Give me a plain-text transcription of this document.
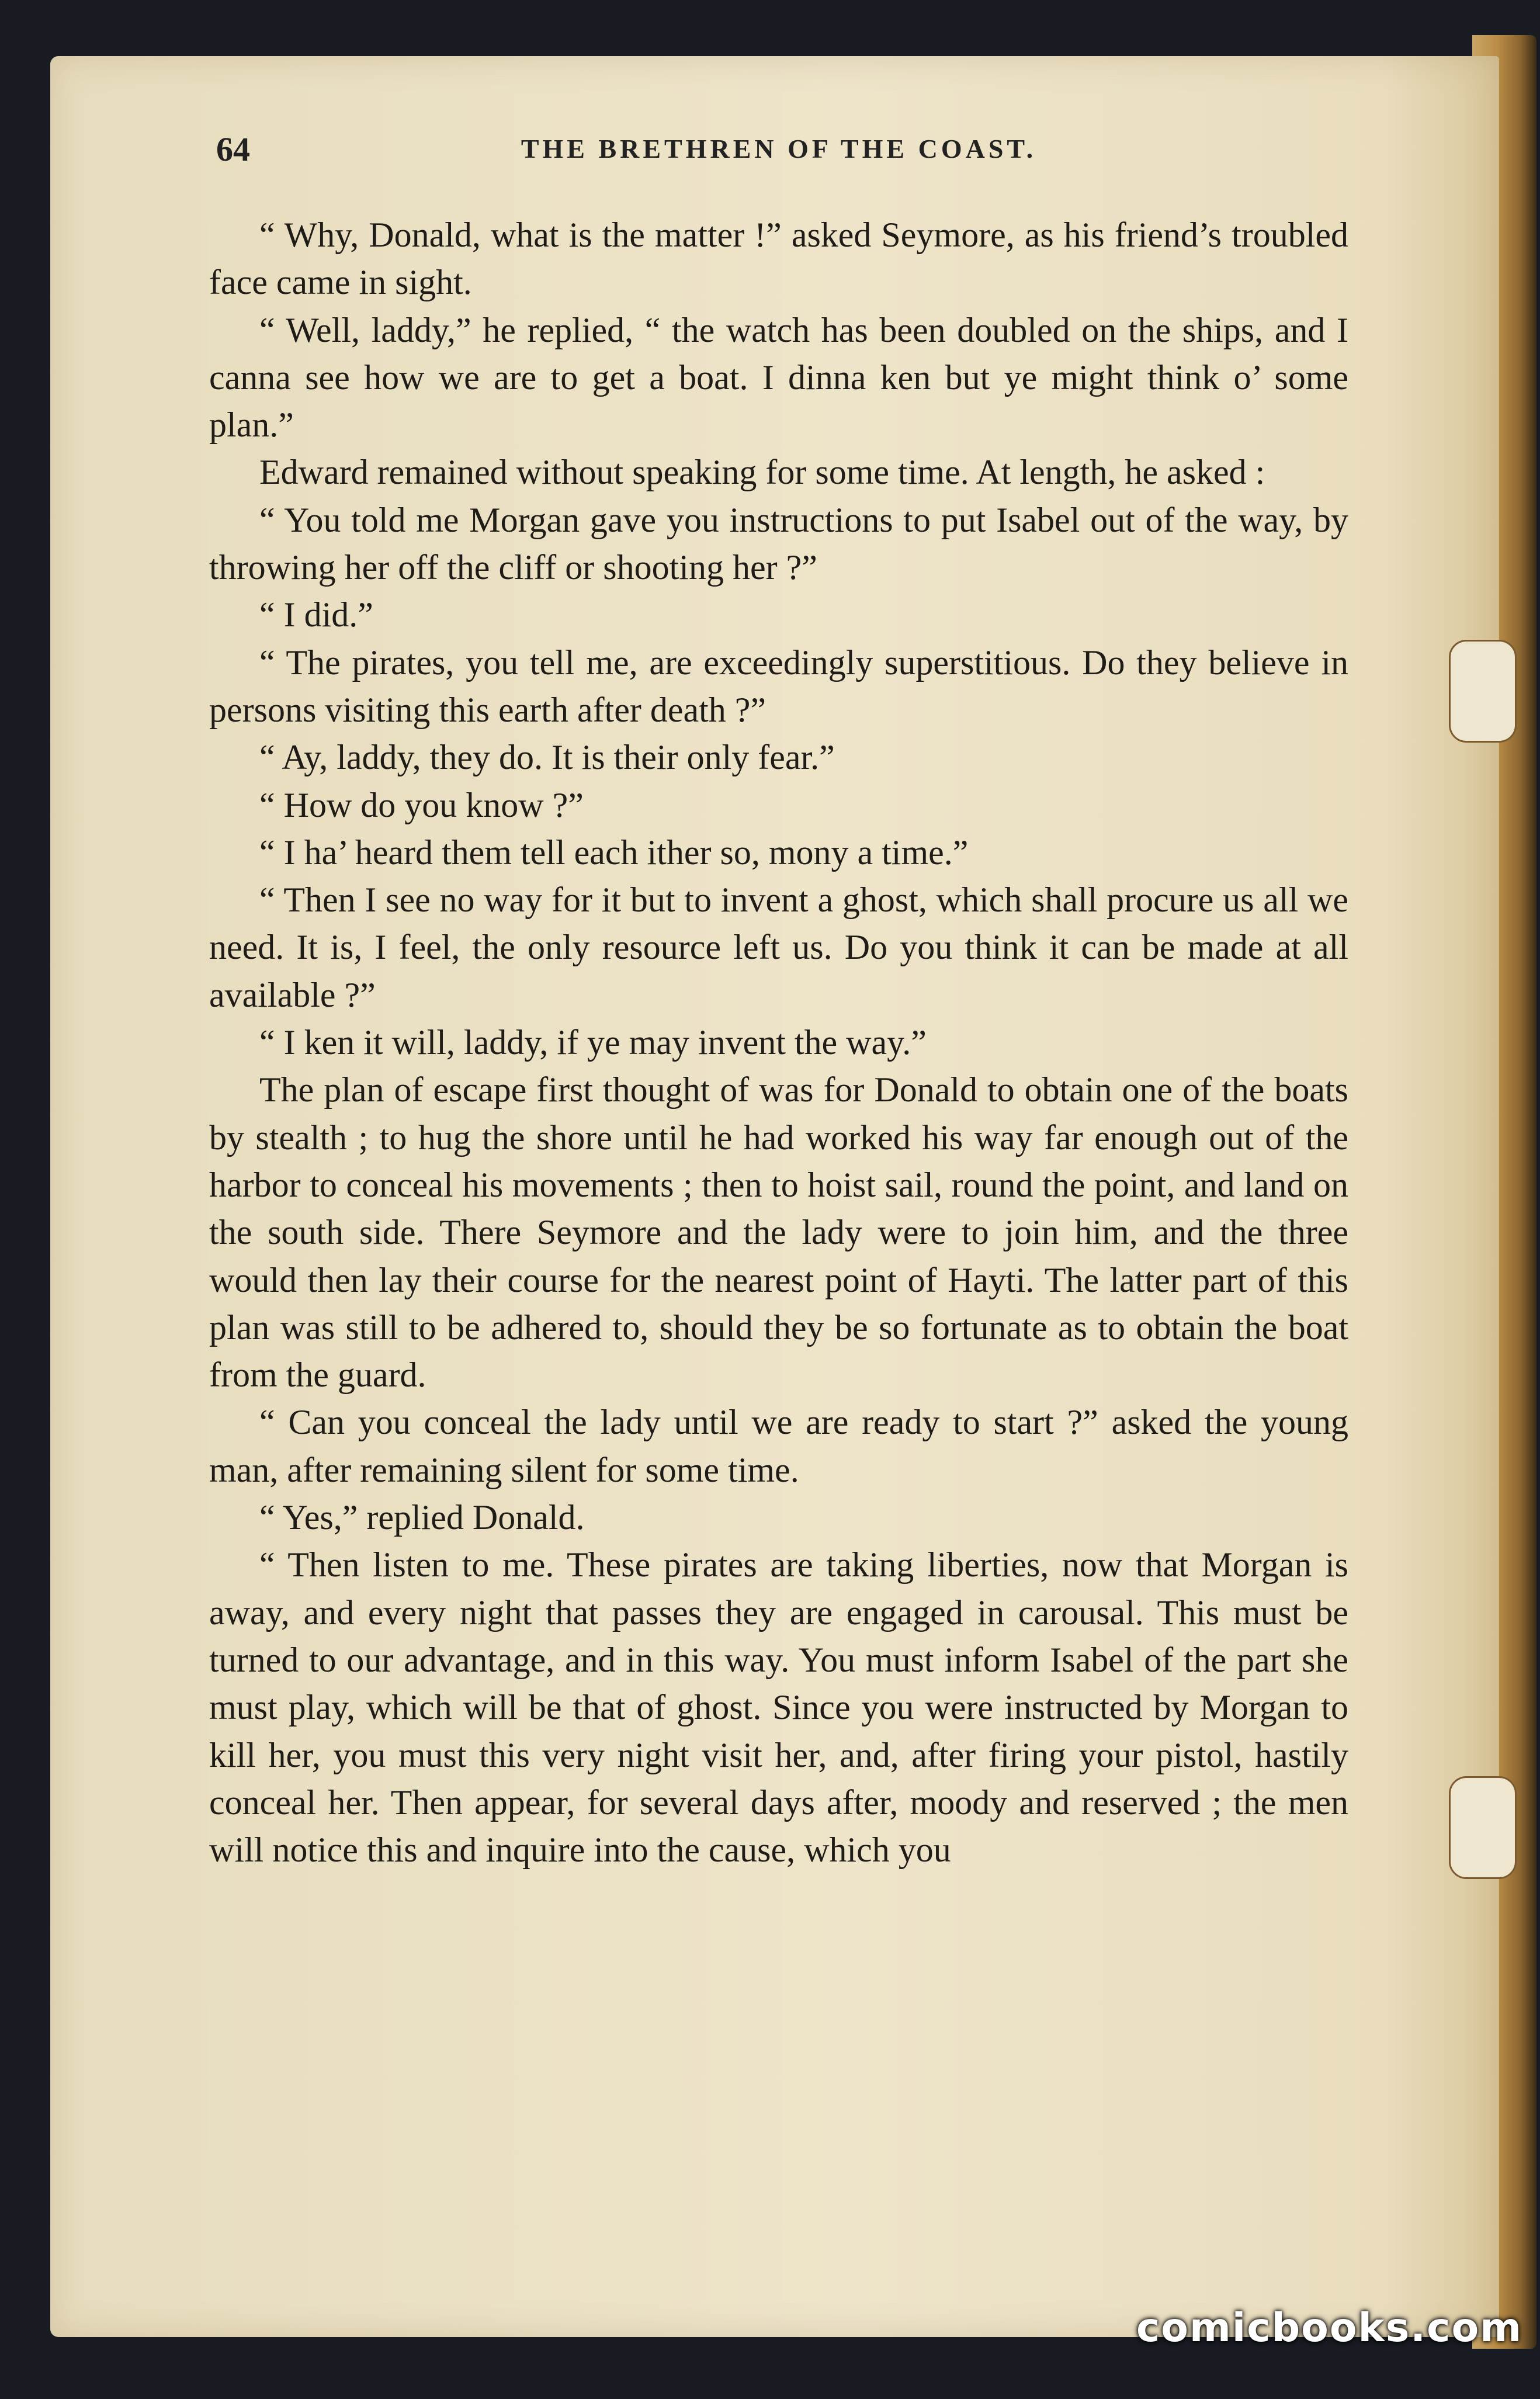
64	THE BRETHREN OF THE COAST.

“ Why, Donald, what is the matter !” asked Seymore, as his friend’s troubled face came in sight.

“ Well, laddy,” he replied, “ the watch has been doubled on the ships, and I canna see how we are to get a boat. I dinna ken but ye might think o’ some plan.”

Edward remained without speaking for some time. At length, he asked :

“ You told me Morgan gave you instructions to put Isabel out of the way, by throwing her off the cliff or shooting her ?”

“ I did.”

“ The pirates, you tell me, are exceedingly superstitious. Do they believe in persons visiting this earth after death ?”

“ Ay, laddy, they do. It is their only fear.”

“ How do you know ?”

“ I ha’ heard them tell each ither so, mony a time.”

“ Then I see no way for it but to invent a ghost, which shall procure us all we need. It is, I feel, the only resource left us. Do you think it can be made at all available ?”

“ I ken it will, laddy, if ye may invent the way.”

The plan of escape first thought of was for Donald to obtain one of the boats by stealth ; to hug the shore until he had worked his way far enough out of the harbor to conceal his movements ; then to hoist sail, round the point, and land on the south side. There Seymore and the lady were to join him, and the three would then lay their course for the nearest point of Hayti. The latter part of this plan was still to be adhered to, should they be so fortunate as to obtain the boat from the guard.

“ Can you conceal the lady until we are ready to start ?” asked the young man, after remaining silent for some time.

“ Yes,” replied Donald.

“ Then listen to me. These pirates are taking liberties, now that Morgan is away, and every night that passes they are engaged in carousal. This must be turned to our advantage, and in this way. You must inform Isabel of the part she must play, which will be that of ghost. Since you were instructed by Morgan to kill her, you must this very night visit her, and, after firing your pistol, hastily conceal her. Then appear, for several days after, moody and reserved ; the men will notice this and inquire into the cause, which you

comicbooks.com
